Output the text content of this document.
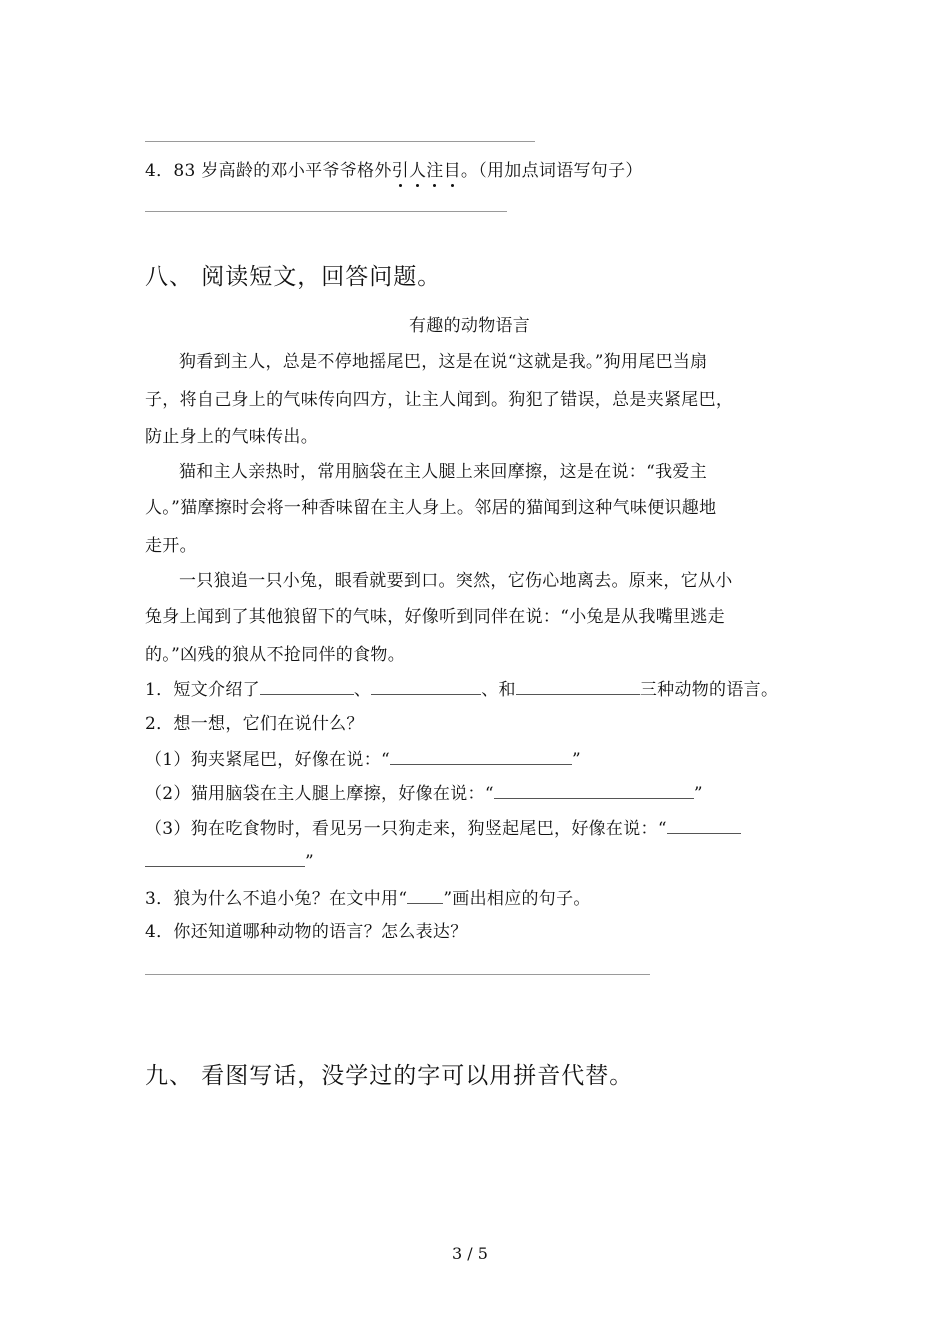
4．83 岁高龄的邓小平爷爷格外引人注目。（用加点词语写句子）
八、 阅读短文，回答问题。
有趣的动物语言
狗看到主人，总是不停地摇尾巴，这是在说“这就是我。”狗用尾巴当扇
子，将自己身上的气味传向四方，让主人闻到。狗犯了错误，总是夹紧尾巴，
防止身上的气味传出。
猫和主人亲热时，常用脑袋在主人腿上来回摩擦，这是在说：“我爱主
人。”猫摩擦时会将一种香味留在主人身上。邻居的猫闻到这种气味便识趣地
走开。
一只狼追一只小兔，眼看就要到口。突然，它伤心地离去。原来，它从小
兔身上闻到了其他狼留下的气味，好像听到同伴在说：“小兔是从我嘴里逃走
的。”凶残的狼从不抢同伴的食物。
1．短文介绍了	、	、和	三种动物的语言。
2．想一想，它们在说什么？
（1）狗夹紧尾巴，好像在说：“	”
（2）猫用脑袋在主人腿上摩擦，好像在说：“	”
（3）狗在吃食物时，看见另一只狗走来，狗竖起尾巴，好像在说：“
”
3．狼为什么不追小兔？在文中用“ ”画出相应的句子。
4．你还知道哪种动物的语言？怎么表达？
九、 看图写话，没学过的字可以用拼音代替。
3 / 5
